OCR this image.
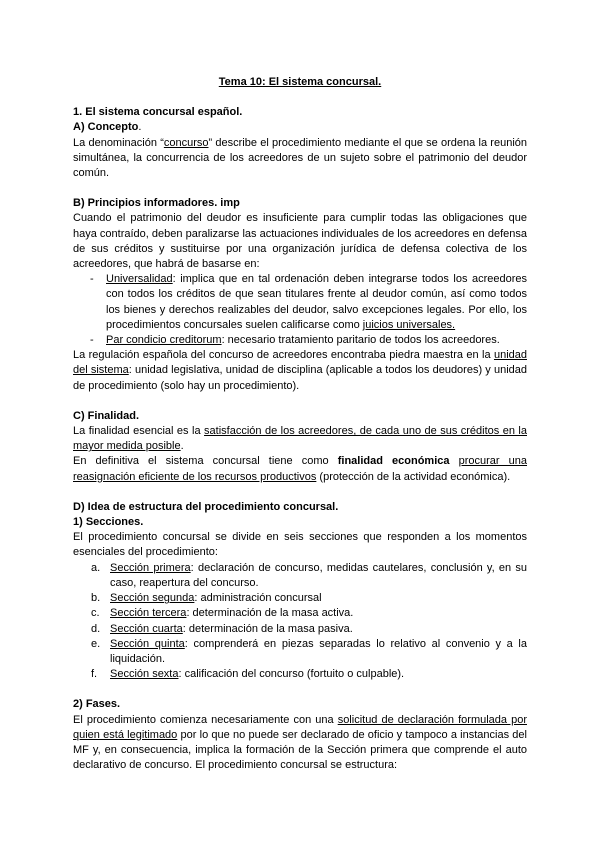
Tema 10: El sistema concursal.

1. El sistema concursal español.

A) Concepto.

La denominación “concurso” describe el procedimiento mediante el que se ordena la reunión simultánea, la concurrencia de los acreedores de un sujeto sobre el patrimonio del deudor común.

B) Principios informadores. imp

Cuando el patrimonio del deudor es insuficiente para cumplir todas las obligaciones que haya contraído, deben paralizarse las actuaciones individuales de los acreedores en defensa de sus créditos y sustituirse por una organización jurídica de defensa colectiva de los acreedores, que habrá de basarse en:

- Universalidad: implica que en tal ordenación deben integrarse todos los acreedores con todos los créditos de que sean titulares frente al deudor común, así como todos los bienes y derechos realizables del deudor, salvo excepciones legales. Por ello, los procedimientos concursales suelen calificarse como juicios universales.
- Par condicio creditorum: necesario tratamiento paritario de todos los acreedores.

La regulación española del concurso de acreedores encontraba piedra maestra en la unidad del sistema: unidad legislativa, unidad de disciplina (aplicable a todos los deudores) y unidad de procedimiento (solo hay un procedimiento).

C) Finalidad.

La finalidad esencial es la satisfacción de los acreedores, de cada uno de sus créditos en la mayor medida posible.

En definitiva el sistema concursal tiene como finalidad económica procurar una reasignación eficiente de los recursos productivos (protección de la actividad económica).

D) Idea de estructura del procedimiento concursal.

1) Secciones.

El procedimiento concursal se divide en seis secciones que responden a los momentos esenciales del procedimiento:

a. Sección primera: declaración de concurso, medidas cautelares, conclusión y, en su caso, reapertura del concurso.
b. Sección segunda: administración concursal
c. Sección tercera: determinación de la masa activa.
d. Sección cuarta: determinación de la masa pasiva.
e. Sección quinta: comprenderá en piezas separadas lo relativo al convenio y a la liquidación.
f. Sección sexta: calificación del concurso (fortuito o culpable).

2) Fases.

El procedimiento comienza necesariamente con una solicitud de declaración formulada por quien está legitimado por lo que no puede ser declarado de oficio y tampoco a instancias del MF y, en consecuencia, implica la formación de la Sección primera que comprende el auto declarativo de concurso. El procedimiento concursal se estructura:
